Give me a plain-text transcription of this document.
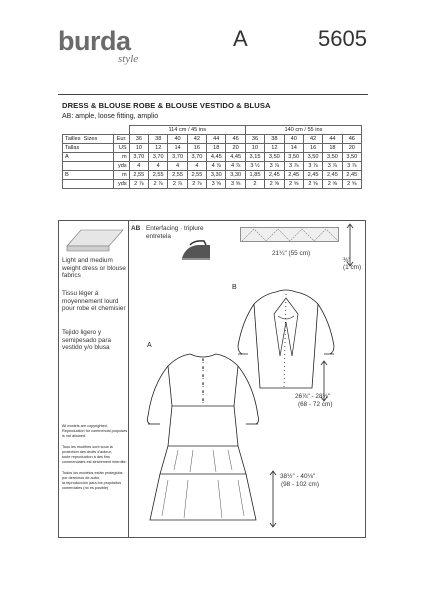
burda
style
A	5605
DRESS & BLOUSE ROBE & BLOUSE VESTIDO & BLUSA
AB: ample, loose fitting, amplio
		114 cm / 45 ins						140 cm / 55 ins					
Tailles Sizes	Eur.	36	38	40	42	44	46	36	38	40	42	44	46
Tallas	US	10	12	14	16	18	20	10	12	14	16	18	20
A	m	3,70	3,70	3,70	3,70	4,45	4,45	3,15	3,50	3,50	3,50	3,50	3,50
	yds	4	4	4	4	4 ⅞	4 ⅞	3 ½	3 ⅞	3 ⅞	3 ⅞	3 ⅞	3 ⅞
B	m	2,55	2,55	2,55	2,55	3,30	3,30	1,85	2,45	2,45	2,45	2,45	2,45
	yds	2 ⅞	2 ⅞	2 ⅞	2 ⅞	3 ⅝	3 ⅝	2	2 ⅝	2 ⅝	2 ⅝	2 ⅝	2 ⅝
Light and medium weight dress or blouse fabrics
Tissu léger à moyennement lourd pour robe et chemisier
Tejido ligero y semipesado para vestido y/o blusa
All models are copyrighted.
Reproduction for commercial purposes is not allowed.
Tous les modèles sont sous la protection des droits d'auteur,
toute reproduction à des fins commerciales est strictement interdite.
Todos los modelos están protegidos por derechos de autor,
la reproducción para los propósitos comerciales (no es posible)
AB Enterfacing · triplure
entretela
21¼" (55 cm)
⅜"
(1 cm)
A
B
26⅞" - 28⅜"
(68 - 72 cm)
38½" - 40⅛"
(98 - 102 cm)
